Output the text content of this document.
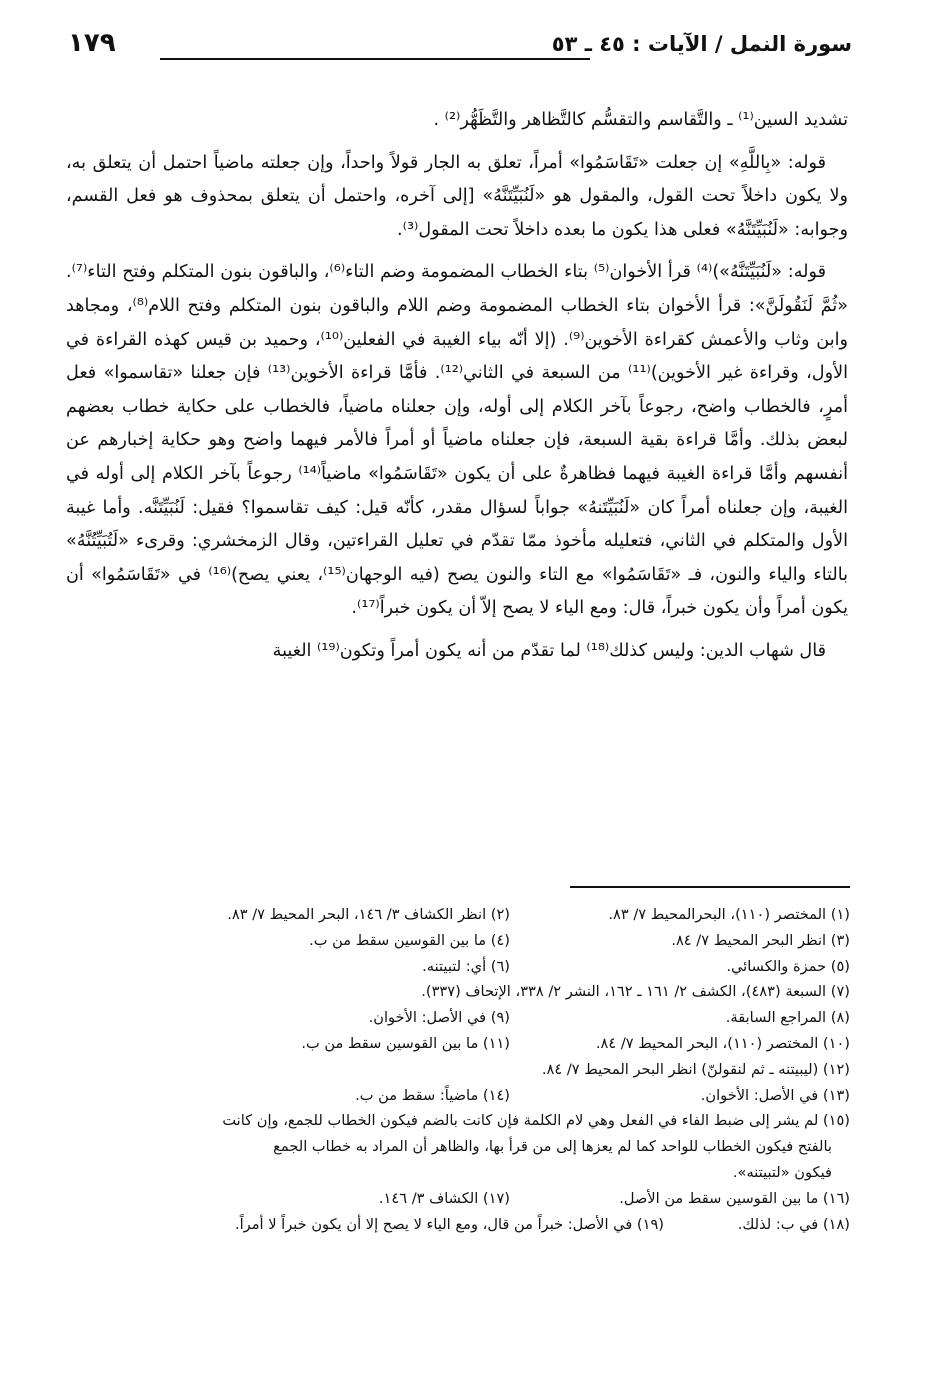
سورة النمل / الآيات : ٤٥ ـ ٥٣
١٧٩

تشديد السين⁽¹⁾ ـ والتَّقاسم والتقسُّم كالتَّظاهر والتَّظَهُّر⁽²⁾ .

قوله: «بِاللَّهِ» إن جعلت «تَقَاسَمُوا» أمراً، تعلق به الجار قولاً واحداً، وإن جعلته ماضياً احتمل أن يتعلق به، ولا يكون داخلاً تحت القول، والمقول هو «لَنُبَيِّتَنَّهُ» [إلى آخره، واحتمل أن يتعلق بمحذوف هو فعل القسم، وجوابه: «لَنُبَيِّتَنَّهُ» فعلى هذا يكون ما بعده داخلاً تحت المقول⁽³⁾.

قوله: «لَنُبَيِّتَنَّهُ»)⁽⁴⁾ قرأ الأخوان⁽⁵⁾ بتاء الخطاب المضمومة وضم التاء⁽⁶⁾، والباقون بنون المتكلم وفتح التاء⁽⁷⁾. «ثُمَّ لَنَقُولَنَّ»: قرأ الأخوان بتاء الخطاب المضمومة وضم اللام والباقون بنون المتكلم وفتح اللام⁽⁸⁾، ومجاهد وابن وثاب والأعمش كقراءة الأخوين⁽⁹⁾. (إلا أنّه بياء الغيبة في الفعلين⁽¹⁰⁾، وحميد بن قيس كهذه القراءة في الأول، وقراءة غير الأخوين)⁽¹¹⁾ من السبعة في الثاني⁽¹²⁾. فأمَّا قراءة الأخوين⁽¹³⁾ فإن جعلنا «تقاسموا» فعل أمرٍ، فالخطاب واضح، رجوعاً بآخر الكلام إلى أوله، وإن جعلناه ماضياً، فالخطاب على حكاية خطاب بعضهم لبعض بذلك. وأمَّا قراءة بقية السبعة، فإن جعلناه ماضياً أو أمراً فالأمر فيهما واضح وهو حكاية إخبارهم عن أنفسهم وأمَّا قراءة الغيبة فيهما فظاهرةٌ على أن يكون «تَقَاسَمُوا» ماضياً⁽¹⁴⁾ رجوعاً بآخر الكلام إلى أوله في الغيبة، وإن جعلناه أمراً كان «لَنُبَيِّتَنهُ» جواباً لسؤال مقدر، كأنّه قيل: كيف تقاسموا؟ فقيل: لَنُبَيِّتَنَّه. وأما غيبة الأول والمتكلم في الثاني، فتعليله مأخوذ ممّا تقدّم في تعليل القراءتين، وقال الزمخشري: وقرىء «لَتُبَيِّتُنَّهُ» بالتاء والياء والنون، فـ «تَقَاسَمُوا» مع التاء والنون يصح (فيه الوجهان⁽¹⁵⁾، يعني يصح)⁽¹⁶⁾ في «تَقَاسَمُوا» أن يكون أمراً وأن يكون خبراً، قال: ومع الياء لا يصح إلاّ أن يكون خبراً⁽¹⁷⁾.

قال شهاب الدين: وليس كذلك⁽¹⁸⁾ لما تقدّم من أنه يكون أمراً وتكون⁽¹⁹⁾ الغيبة

(١) المختصر (١١٠)، البحرالمحيط ٧/ ٨٣.
(٢) انظر الكشاف ٣/ ١٤٦، البحر المحيط ٧/ ٨٣.
(٣) انظر البحر المحيط ٧/ ٨٤.
(٤) ما بين القوسين سقط من ب.
(٥) حمزة والكسائي.
(٦) أي: لتبيتنه.
(٧) السبعة (٤٨٣)، الكشف ٢/ ١٦١ ـ ١٦٢، النشر ٢/ ٣٣٨، الإتحاف (٣٣٧).
(٨) المراجع السابقة.
(٩) في الأصل: الأخوان.
(١٠) المختصر (١١٠)، البحر المحيط ٧/ ٨٤.
(١١) ما بين القوسين سقط من ب.
(١٢) (ليبيتنه ـ ثم لنقولنّ) انظر البحر المحيط ٧/ ٨٤.
(١٣) في الأصل: الأخوان.
(١٤) ماضياً: سقط من ب.
(١٥) لم يشر إلى ضبط الفاء في الفعل وهي لام الكلمة فإن كانت بالضم فيكون الخطاب للجمع، وإن كانت
بالفتح فيكون الخطاب للواحد كما لم يعزها إلى من قرأ بها، والظاهر أن المراد به خطاب الجمع
فيكون «لتبيتنه».
(١٦) ما بين القوسين سقط من الأصل.
(١٧) الكشاف ٣/ ١٤٦.
(١٨) في ب: لذلك.
(١٩) في الأصل: خبراً من قال، ومع الياء لا يصح إلا أن يكون خبراً لا أمراً.
